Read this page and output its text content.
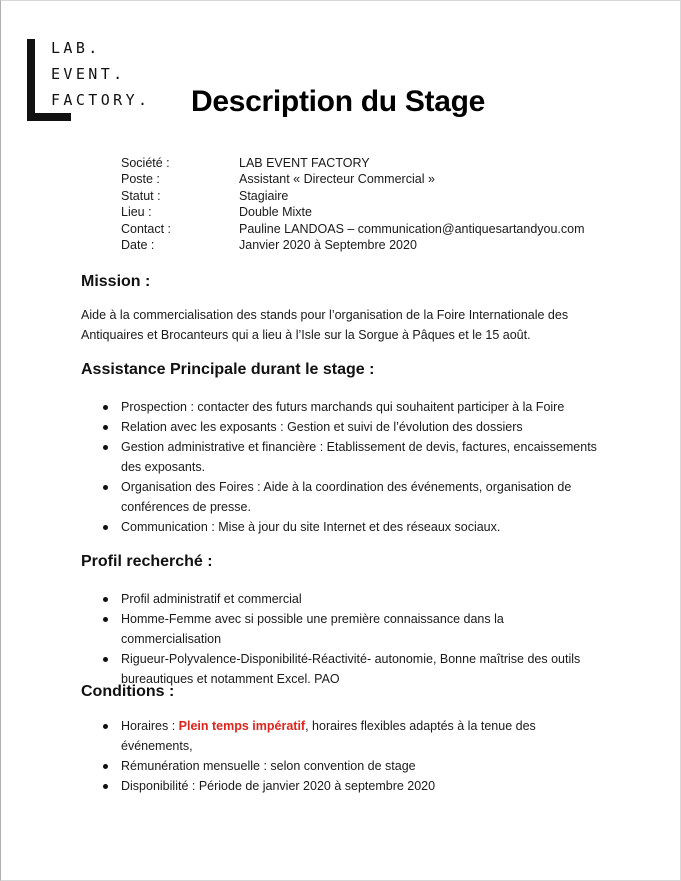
LAB.
EVENT.
FACTORY. Description du Stage
Société :	LAB EVENT FACTORY
Poste :	Assistant « Directeur Commercial »
Statut :	Stagiaire
Lieu :	Double Mixte
Contact :	Pauline LANDOAS – communication@antiquesartandyou.com
Date :	Janvier 2020 à Septembre 2020
Mission :
Aide à la commercialisation des stands pour l’organisation de la Foire Internationale des Antiquaires et Brocanteurs qui a lieu à l’Isle sur la Sorgue à Pâques et le 15 août.
Assistance Principale durant le stage :
Prospection : contacter des futurs marchands qui souhaitent participer à la Foire
Relation avec les exposants : Gestion et suivi de l’évolution des dossiers
Gestion administrative et financière : Etablissement de devis, factures, encaissements des exposants.
Organisation des Foires : Aide à la coordination des événements, organisation de conférences de presse.
Communication : Mise à jour du site Internet et des réseaux sociaux.
Profil recherché :
Profil administratif et commercial
Homme-Femme avec si possible une première connaissance dans la commercialisation
Rigueur-Polyvalence-Disponibilité-Réactivité- autonomie, Bonne maîtrise des outils bureautiques et notamment Excel. PAO
Conditions :
Horaires : Plein temps impératif, horaires flexibles adaptés à la tenue des événements,
Rémunération mensuelle : selon convention de stage
Disponibilité : Période de janvier 2020 à septembre 2020
